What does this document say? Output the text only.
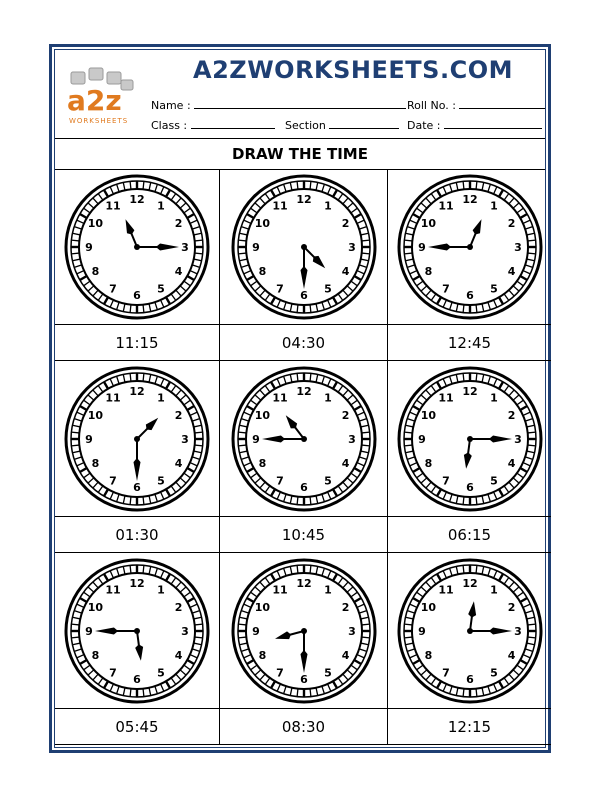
a2z
WORKSHEETS
A2ZWORKSHEETS.COM
Name :	Roll No. :
Class :	Section	Date :
DRAW THE TIME
12 1
2
3
4
5
6
7
8
9
10
11
11:15
12 1
2
3
4
5
6
7
8
9
10
11
04:30
12 1
2
3
4
5
6
7
8
9
10
11
12:45
12 1
2
3
4
5
6
7
8
9
10
11
01:30
12 1
2
3
4
5
6
7
8
9
10
11
10:45
12 1
2
3
4
5
6
7
8
9
10
11
06:15
12 1
2
3
4
5
6
7
8
9
10
11
05:45
12 1
2
3
4
5
6
7
8
9
10
11
08:30
12 1
2
3
4
5
6
7
8
9
10
11
12:15
